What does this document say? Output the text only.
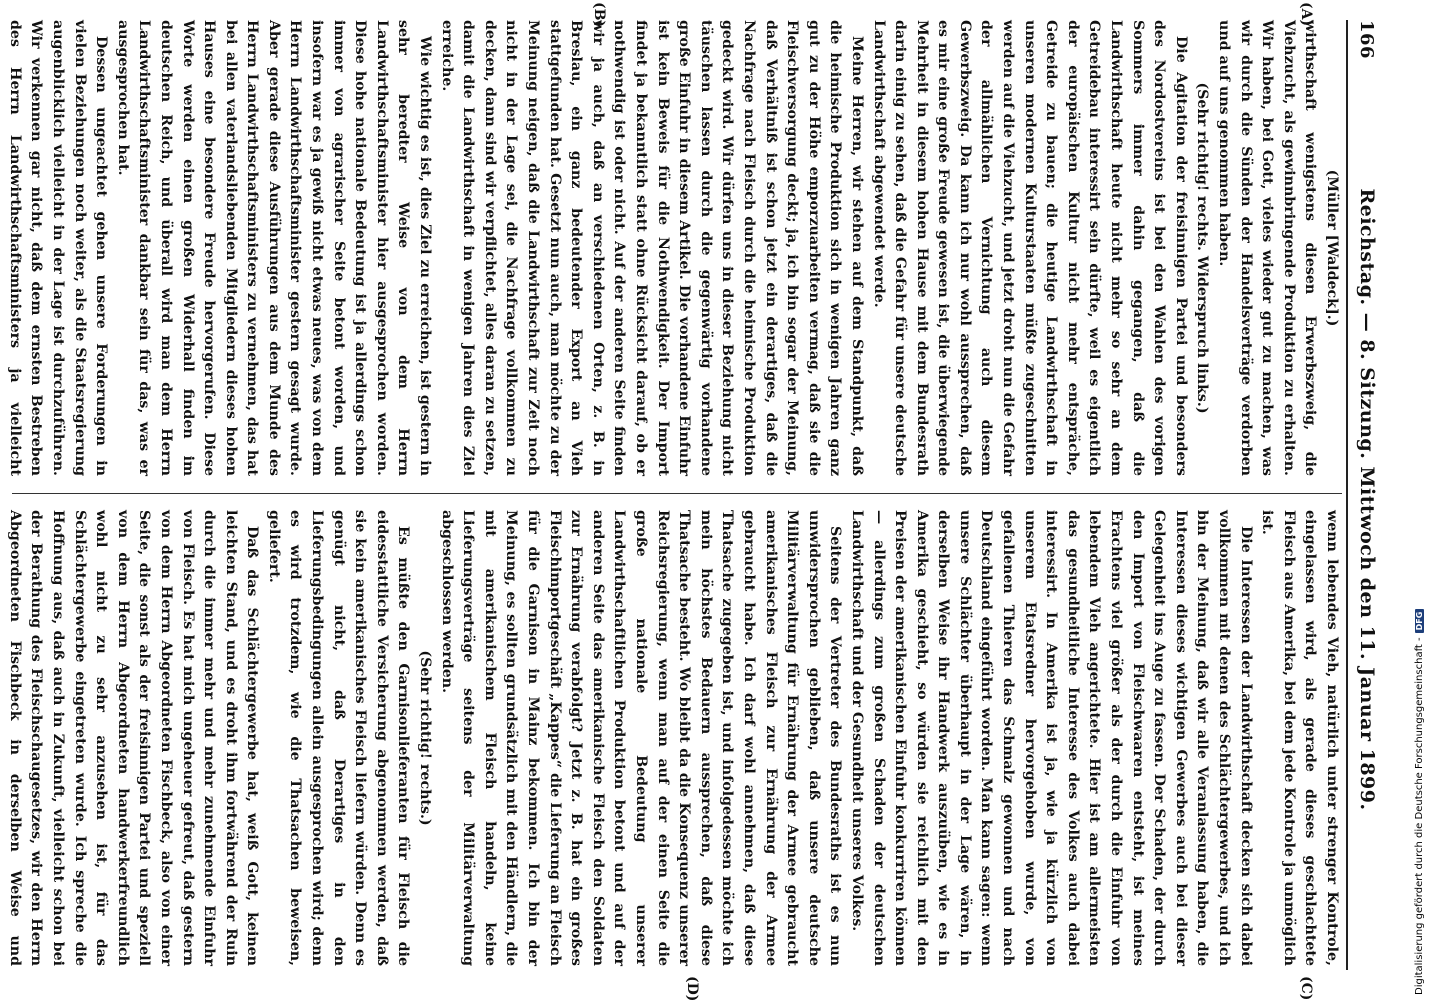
166
Reichstag. — 8. Sitzung. Mittwoch den 11. Januar 1899.
(A)
(B)
(C)
(D)

(Müller [Waldeck].)

wirthschaft wenigstens diesen Erwerbszweig, die Viehzucht, als gewinnbringende Produktion zu erhalten. Wir haben, bei Gott, vieles wieder gut zu machen, was wir durch die Sünden der Handelsverträge verdorben und auf uns genommen haben.

(Sehr richtig! rechts. Widerspruch links.)

Die Agitation der freisinnigen Partei und besonders des Nordostvereins ist bei den Wahlen des vorigen Sommers immer dahin gegangen, daß die Landwirthschaft heute nicht mehr so sehr an dem Getreidebau interessirt sein dürfte, weil es eigentlich der europäischen Kultur nicht mehr entspräche, Getreide zu bauen; die heutige Landwirthschaft in unseren modernen Kulturstaaten müßte zugeschnitten werden auf die Viehzucht, und jetzt droht nun die Gefahr der allmählichen Vernichtung auch diesem Gewerbszweig. Da kann ich nur wohl aussprechen, daß es mir eine große Freude gewesen ist, die überwiegende Mehrheit in diesem hohen Hause mit dem Bundesrath darin einig zu sehen, daß die Gefahr für unsere deutsche Landwirthschaft abgewendet werde.

Meine Herren, wir stehen auf dem Standpunkt, daß die heimische Produktion sich in wenigen Jahren ganz gut zu der Höhe emporzuarbeiten vermag, daß sie die Fleischversorgung deckt; ja, ich bin sogar der Meinung, daß Verhältniß ist schon jetzt ein derartiges, daß die Nachfrage nach Fleisch durch die heimische Produktion gedeckt wird. Wir dürfen uns in dieser Beziehung nicht täuschen lassen durch die gegenwärtig vorhandene große Einfuhr in diesem Artikel. Die vorhandene Einfuhr ist kein Beweis für die Nothwendigkeit. Der Import findet ja bekanntlich statt ohne Rücksicht darauf, ob er nothwendig ist oder nicht. Auf der anderen Seite finden wir ja auch, daß an verschiedenen Orten, z. B. in Breslau, ein ganz bedeutender Export an Vieh stattgefunden hat. Gesetzt nun auch, man möchte zu der Meinung neigen, daß die Landwirthschaft zur Zeit noch nicht in der Lage sei, die Nachfrage vollkommen zu decken, dann sind wir verpflichtet, alles daran zu setzen, damit die Landwirthschaft in wenigen Jahren dies Ziel erreiche.

Wie wichtig es ist, dies Ziel zu erreichen, ist gestern in sehr beredter Weise von dem Herrn Landwirthschaftsminister hier ausgesprochen worden. Diese hohe nationale Bedeutung ist ja allerdings schon immer von agrarischer Seite betont worden, und insofern war es ja gewiß nicht etwas neues, was von dem Herrn Landwirthschaftsminister gestern gesagt wurde. Aber gerade diese Ausführungen aus dem Munde des Herrn Landwirthschaftsministers zu vernehmen, das hat bei allen vaterlandsliebenden Mitgliedern dieses hohen Hauses eine besondere Freude hervorgerufen. Diese Worte werden einen großen Widerhall finden im deutschen Reich, und überall wird man dem Herrn Landwirthschaftsminister dankbar sein für das, was er ausgesprochen hat.

Dessen ungeachtet gehen unsere Forderungen in vielen Beziehungen noch weiter, als die Staatsregierung augenblicklich vielleicht in der Lage ist durchzuführen. Wir verkennen gar nicht, daß dem ernsten Bestreben des Herrn Landwirthschaftsministers ja vielleicht

wenn lebendes Vieh, natürlich unter strenger Kontrole, eingelassen wird, als gerade dieses geschlachtete Fleisch aus Amerika, bei dem jede Kontrole ja unmöglich ist.

Die Interessen der Landwirthschaft decken sich dabei vollkommen mit denen des Schlächtergewerbes, und ich bin der Meinung, daß wir alle Veranlassung haben, die Interessen dieses wichtigen Gewerbes auch bei dieser Gelegenheit ins Auge zu fassen. Der Schaden, der durch den Import von Fleischwaaren entsteht, ist meines Erachtens viel größer als der durch die Einfuhr von lebendem Vieh angerichtete. Hier ist am allermeisten das gesundheitliche Interesse des Volkes auch dabei interessirt. In Amerika ist ja, wie ja kürzlich von unserem Etatsredner hervorgehoben wurde, von gefallenen Thieren das Schmalz gewonnen und nach Deutschland eingeführt worden. Man kann sagen: wenn unsere Schlächter überhaupt in der Lage wären, in derselben Weise ihr Handwerk auszuüben, wie es in Amerika geschieht, so würden sie reichlich mit den Preisen der amerikanischen Einfuhr konkurriren können — allerdings zum großen Schaden der deutschen Landwirthschaft und der Gesundheit unseres Volkes.

Seitens der Vertreter des Bundesraths ist es nun unwidersprochen geblieben, daß unsere deutsche Militärverwaltung für Ernährung der Armee gebraucht amerikanisches Fleisch zur Ernährung der Armee gebraucht habe. Ich darf wohl annehmen, daß diese Thatsache zugegeben ist, und infolgedessen möchte ich mein höchstes Bedauern aussprechen, daß diese Thatsache besteht. Wo bleibt da die Konsequenz unserer Reichsregierung, wenn man auf der einen Seite die große nationale Bedeutung unserer Landwirthschaftlichen Produktion betont und auf der anderen Seite das amerikanische Fleisch den Soldaten zur Ernährung verabfolgt? Jetzt z. B. hat ein großes Fleischimportgeschäft „Kappes“ die Lieferung an Fleisch für die Garnison in Mainz bekommen. Ich bin der Meinung, es sollten grundsätzlich mit den Händlern, die mit amerikanischem Fleisch handeln, keine Lieferungsverträge seitens der Militärverwaltung abgeschlossen werden.

(Sehr richtig! rechts.)

Es müßte den Garnisonlieferanten für Fleisch die eidesstattliche Versicherung abgenommen werden, daß sie kein amerikanisches Fleisch liefern würden. Denn es genügt nicht, daß Derartiges in den Lieferungsbedingungen allein ausgesprochen wird; denn es wird trotzdem, wie die Thatsachen beweisen, geliefert.

Daß das Schlächtergewerbe hat, weiß Gott, keinen leichten Stand, und es droht ihm fortwährend der Ruin durch die immer mehr und mehr zunehmende Einfuhr von Fleisch. Es hat mich ungeheuer gefreut, daß gestern von dem Herrn Abgeordneten Fischbeck, also von einer Seite, die sonst als der freisinnigen Partei und speziell von dem Herrn Abgeordneten handwerkerfreundlich wohl nicht zu sehr anzusehen ist, für das Schlächtergewerbe eingetreten wurde. Ich spreche die Hoffnung aus, daß auch in Zukunft, vielleicht schon bei der Berathung des Fleischschaugesetzes, wir den Herrn Abgeordneten Fischbeck in derselben Weise und	Digitalisierung gefördert durch die Deutsche Forschungsgemeinschaft -
DFG
